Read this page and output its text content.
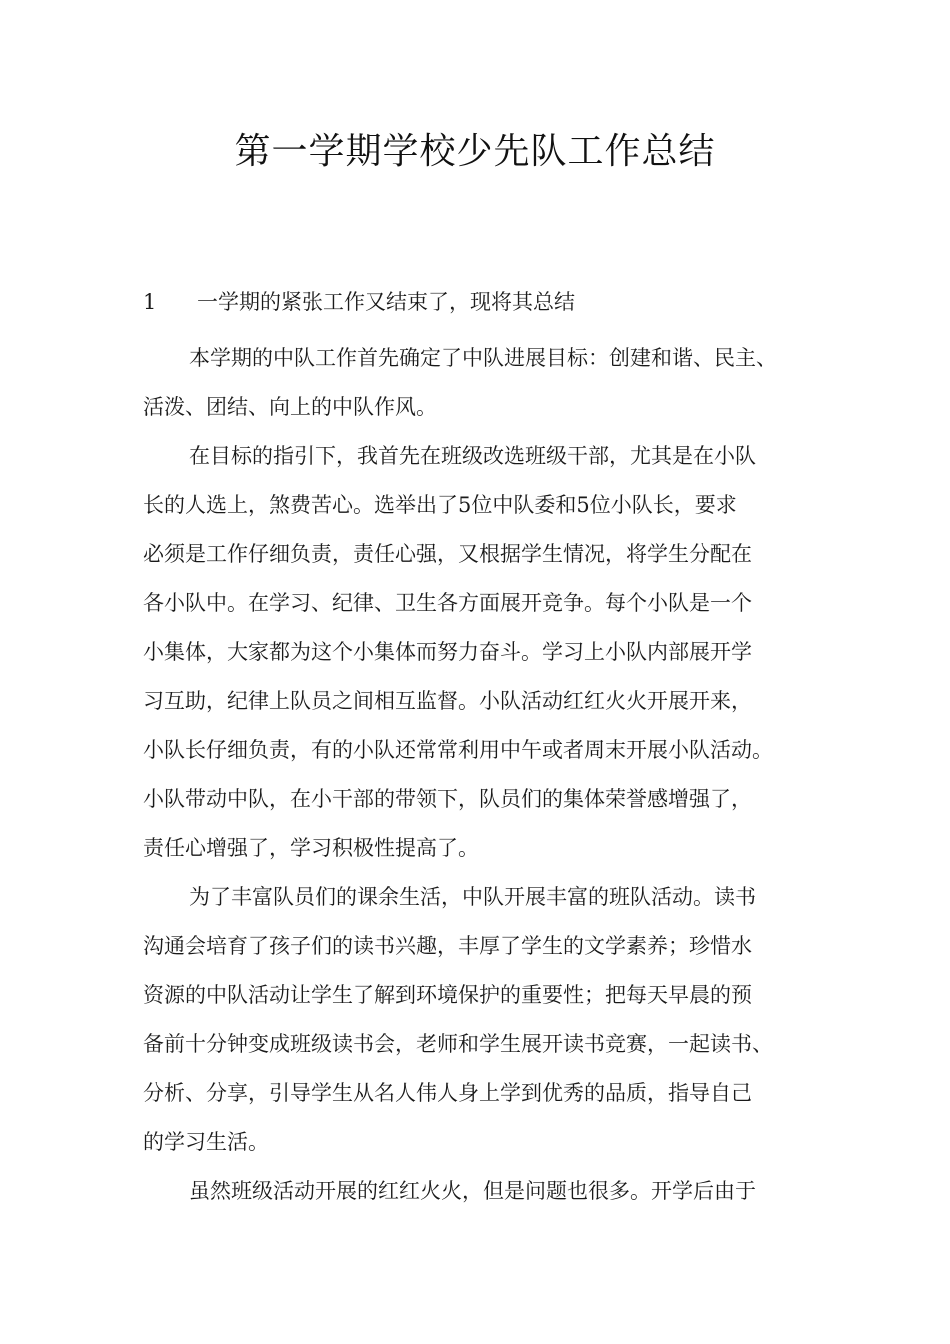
第一学期学校少先队工作总结

1 一学期的紧张工作又结束了，现将其总结

本学期的中队工作首先确定了中队进展目标：创建和谐、民主、

活泼、团结、向上的中队作风。

在目标的指引下，我首先在班级改选班级干部，尤其是在小队

长的人选上，煞费苦心。选举出了5位中队委和5位小队长，要求

必须是工作仔细负责，责任心强，又根据学生情况，将学生分配在

各小队中。在学习、纪律、卫生各方面展开竞争。每个小队是一个

小集体，大家都为这个小集体而努力奋斗。学习上小队内部展开学

习互助，纪律上队员之间相互监督。小队活动红红火火开展开来，

小队长仔细负责，有的小队还常常利用中午或者周末开展小队活动。

小队带动中队，在小干部的带领下，队员们的集体荣誉感增强了，

责任心增强了，学习积极性提高了。

为了丰富队员们的课余生活，中队开展丰富的班队活动。读书

沟通会培育了孩子们的读书兴趣，丰厚了学生的文学素养；珍惜水

资源的中队活动让学生了解到环境保护的重要性；把每天早晨的预

备前十分钟变成班级读书会，老师和学生展开读书竞赛，一起读书、

分析、分享，引导学生从名人伟人身上学到优秀的品质，指导自己

的学习生活。

虽然班级活动开展的红红火火，但是问题也很多。开学后由于
